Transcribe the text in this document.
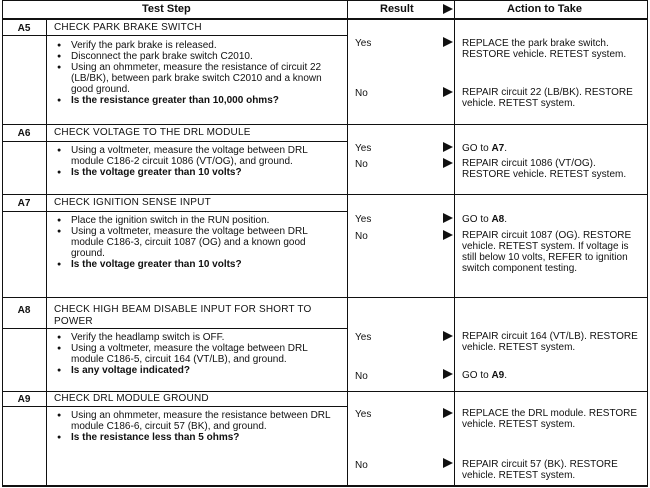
Test Step	Result	Action to Take
A5	CHECK PARK BRAKE SWITCH
● Verify the park brake is released.
● Disconnect the park brake switch C2010.
● Using an ohmmeter, measure the resistance of circuit 22 (LB/BK), between park brake switch C2010 and a known good ground.
● Is the resistance greater than 10,000 ohms?
Yes	REPLACE the park brake switch. RESTORE vehicle. RETEST system.
No	REPAIR circuit 22 (LB/BK). RESTORE vehicle. RETEST system.
A6	CHECK VOLTAGE TO THE DRL MODULE
● Using a voltmeter, measure the voltage between DRL module C186-2 circuit 1086 (VT/OG), and ground.
● Is the voltage greater than 10 volts?
Yes	GO to A7.
No	REPAIR circuit 1086 (VT/OG). RESTORE vehicle. RETEST system.
A7	CHECK IGNITION SENSE INPUT
● Place the ignition switch in the RUN position.
● Using a voltmeter, measure the voltage between DRL module C186-3, circuit 1087 (OG) and a known good ground.
● Is the voltage greater than 10 volts?
Yes	GO to A8.
No	REPAIR circuit 1087 (OG). RESTORE vehicle. RETEST system. If voltage is still below 10 volts, REFER to ignition switch component testing.
A8	CHECK HIGH BEAM DISABLE INPUT FOR SHORT TO POWER
● Verify the headlamp switch is OFF.
● Using a voltmeter, measure the voltage between DRL module C186-5, circuit 164 (VT/LB), and ground.
● Is any voltage indicated?
Yes	REPAIR circuit 164 (VT/LB). RESTORE vehicle. RETEST system.
No	GO to A9.
A9	CHECK DRL MODULE GROUND
● Using an ohmmeter, measure the resistance between DRL module C186-6, circuit 57 (BK), and ground.
● Is the resistance less than 5 ohms?
Yes	REPLACE the DRL module. RESTORE vehicle. RETEST system.
No	REPAIR circuit 57 (BK). RESTORE vehicle. RETEST system.
